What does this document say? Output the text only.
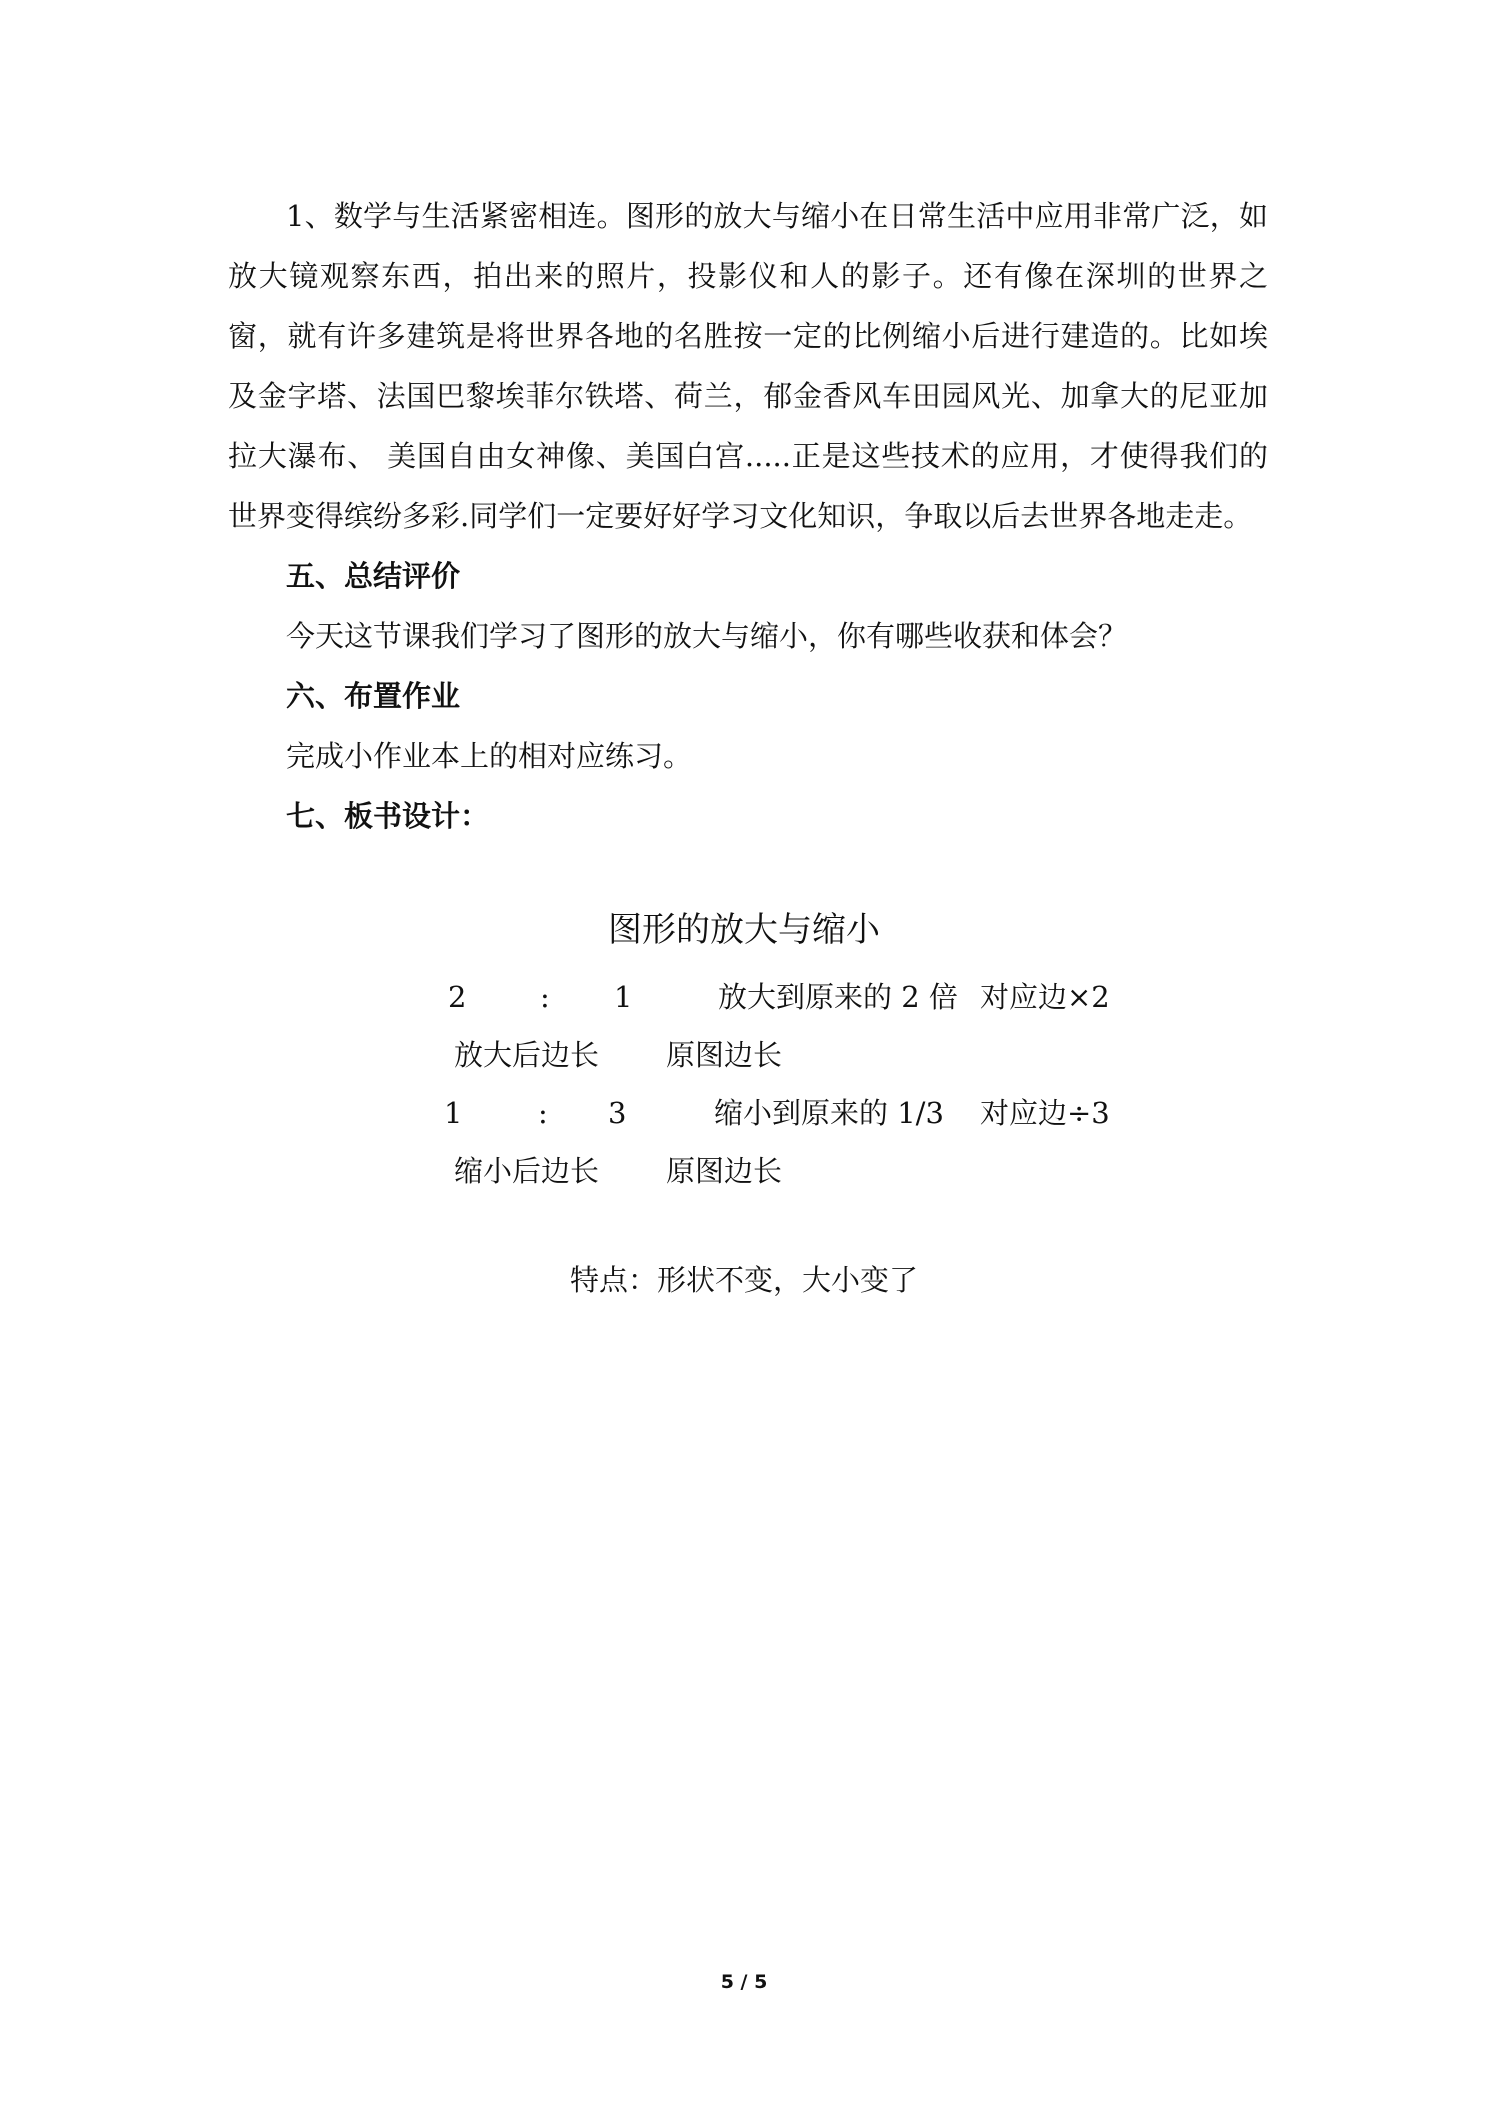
1、数学与生活紧密相连。图形的放大与缩小在日常生活中应用非常广泛，如放大镜观察东西，拍出来的照片，投影仪和人的影子。还有像在深圳的世界之窗，就有许多建筑是将世界各地的名胜按一定的比例缩小后进行建造的。比如埃及金字塔、法国巴黎埃菲尔铁塔、荷兰，郁金香风车田园风光、加拿大的尼亚加拉大瀑布、 美国自由女神像、美国白宫.....正是这些技术的应用，才使得我们的世界变得缤纷多彩.同学们一定要好好学习文化知识，争取以后去世界各地走走。

五、总结评价

今天这节课我们学习了图形的放大与缩小，你有哪些收获和体会？

六、布置作业

完成小作业本上的相对应练习。

七、板书设计：

图形的放大与缩小
2	: 1	放大到原来的 2 倍 对应边×2
放大后边长 原图边长
1	: 3	缩小到原来的 1/3 对应边÷3
缩小后边长 原图边长
特点：形状不变，大小变了
5 / 5
